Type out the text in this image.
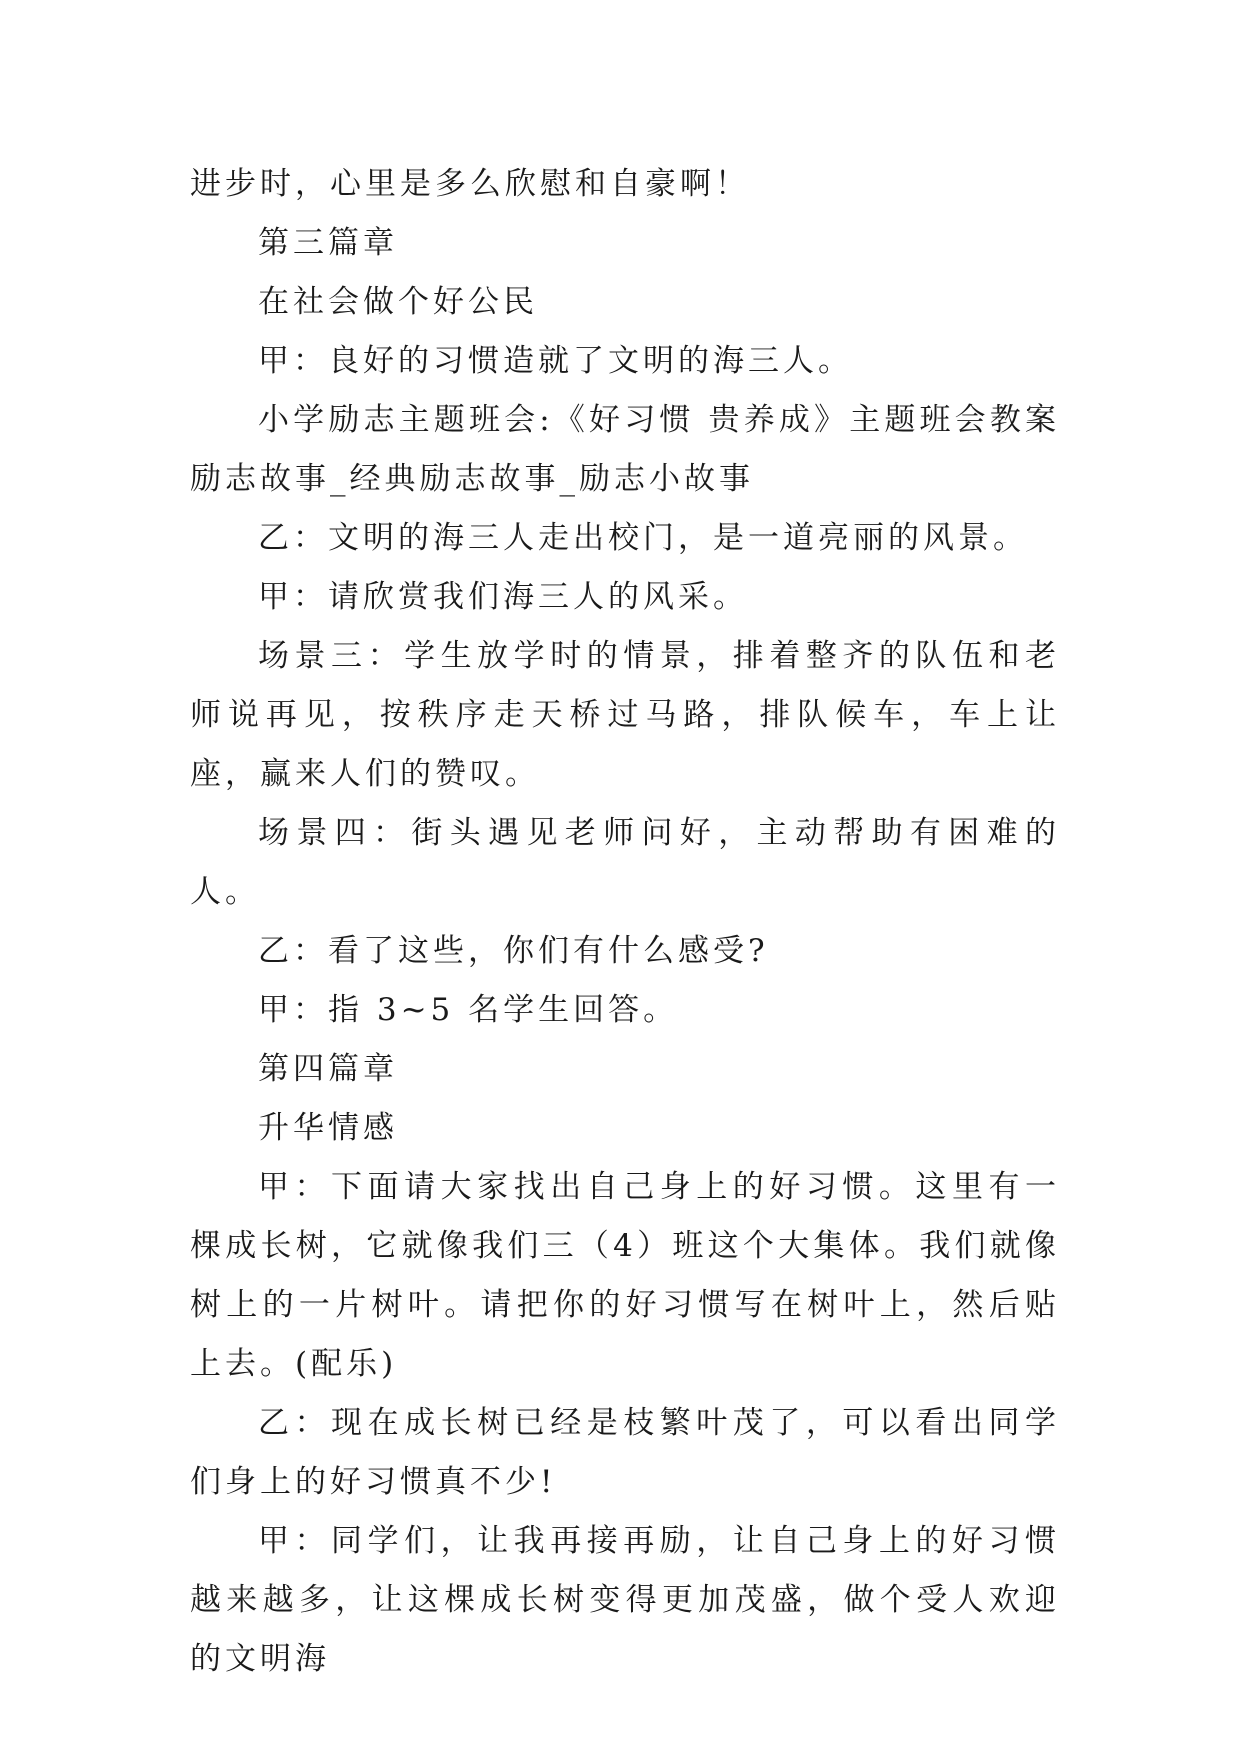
进步时，心里是多么欣慰和自豪啊！

第三篇章

在社会做个好公民

甲：良好的习惯造就了文明的海三人。

小学励志主题班会:《好习惯 贵养成》主题班会教案励志故事_经典励志故事_励志小故事

乙：文明的海三人走出校门，是一道亮丽的风景。

甲：请欣赏我们海三人的风采。

场景三：学生放学时的情景，排着整齐的队伍和老师说再见，按秩序走天桥过马路，排队候车，车上让座，赢来人们的赞叹。

场景四：街头遇见老师问好，主动帮助有困难的人。

乙：看了这些，你们有什么感受?

甲：指 3~5 名学生回答。

第四篇章

升华情感

甲：下面请大家找出自己身上的好习惯。这里有一棵成长树，它就像我们三（4）班这个大集体。我们就像树上的一片树叶。请把你的好习惯写在树叶上，然后贴上去。(配乐)

乙：现在成长树已经是枝繁叶茂了，可以看出同学们身上的好习惯真不少!

甲：同学们，让我再接再励，让自己身上的好习惯越来越多，让这棵成长树变得更加茂盛，做个受人欢迎的文明海
